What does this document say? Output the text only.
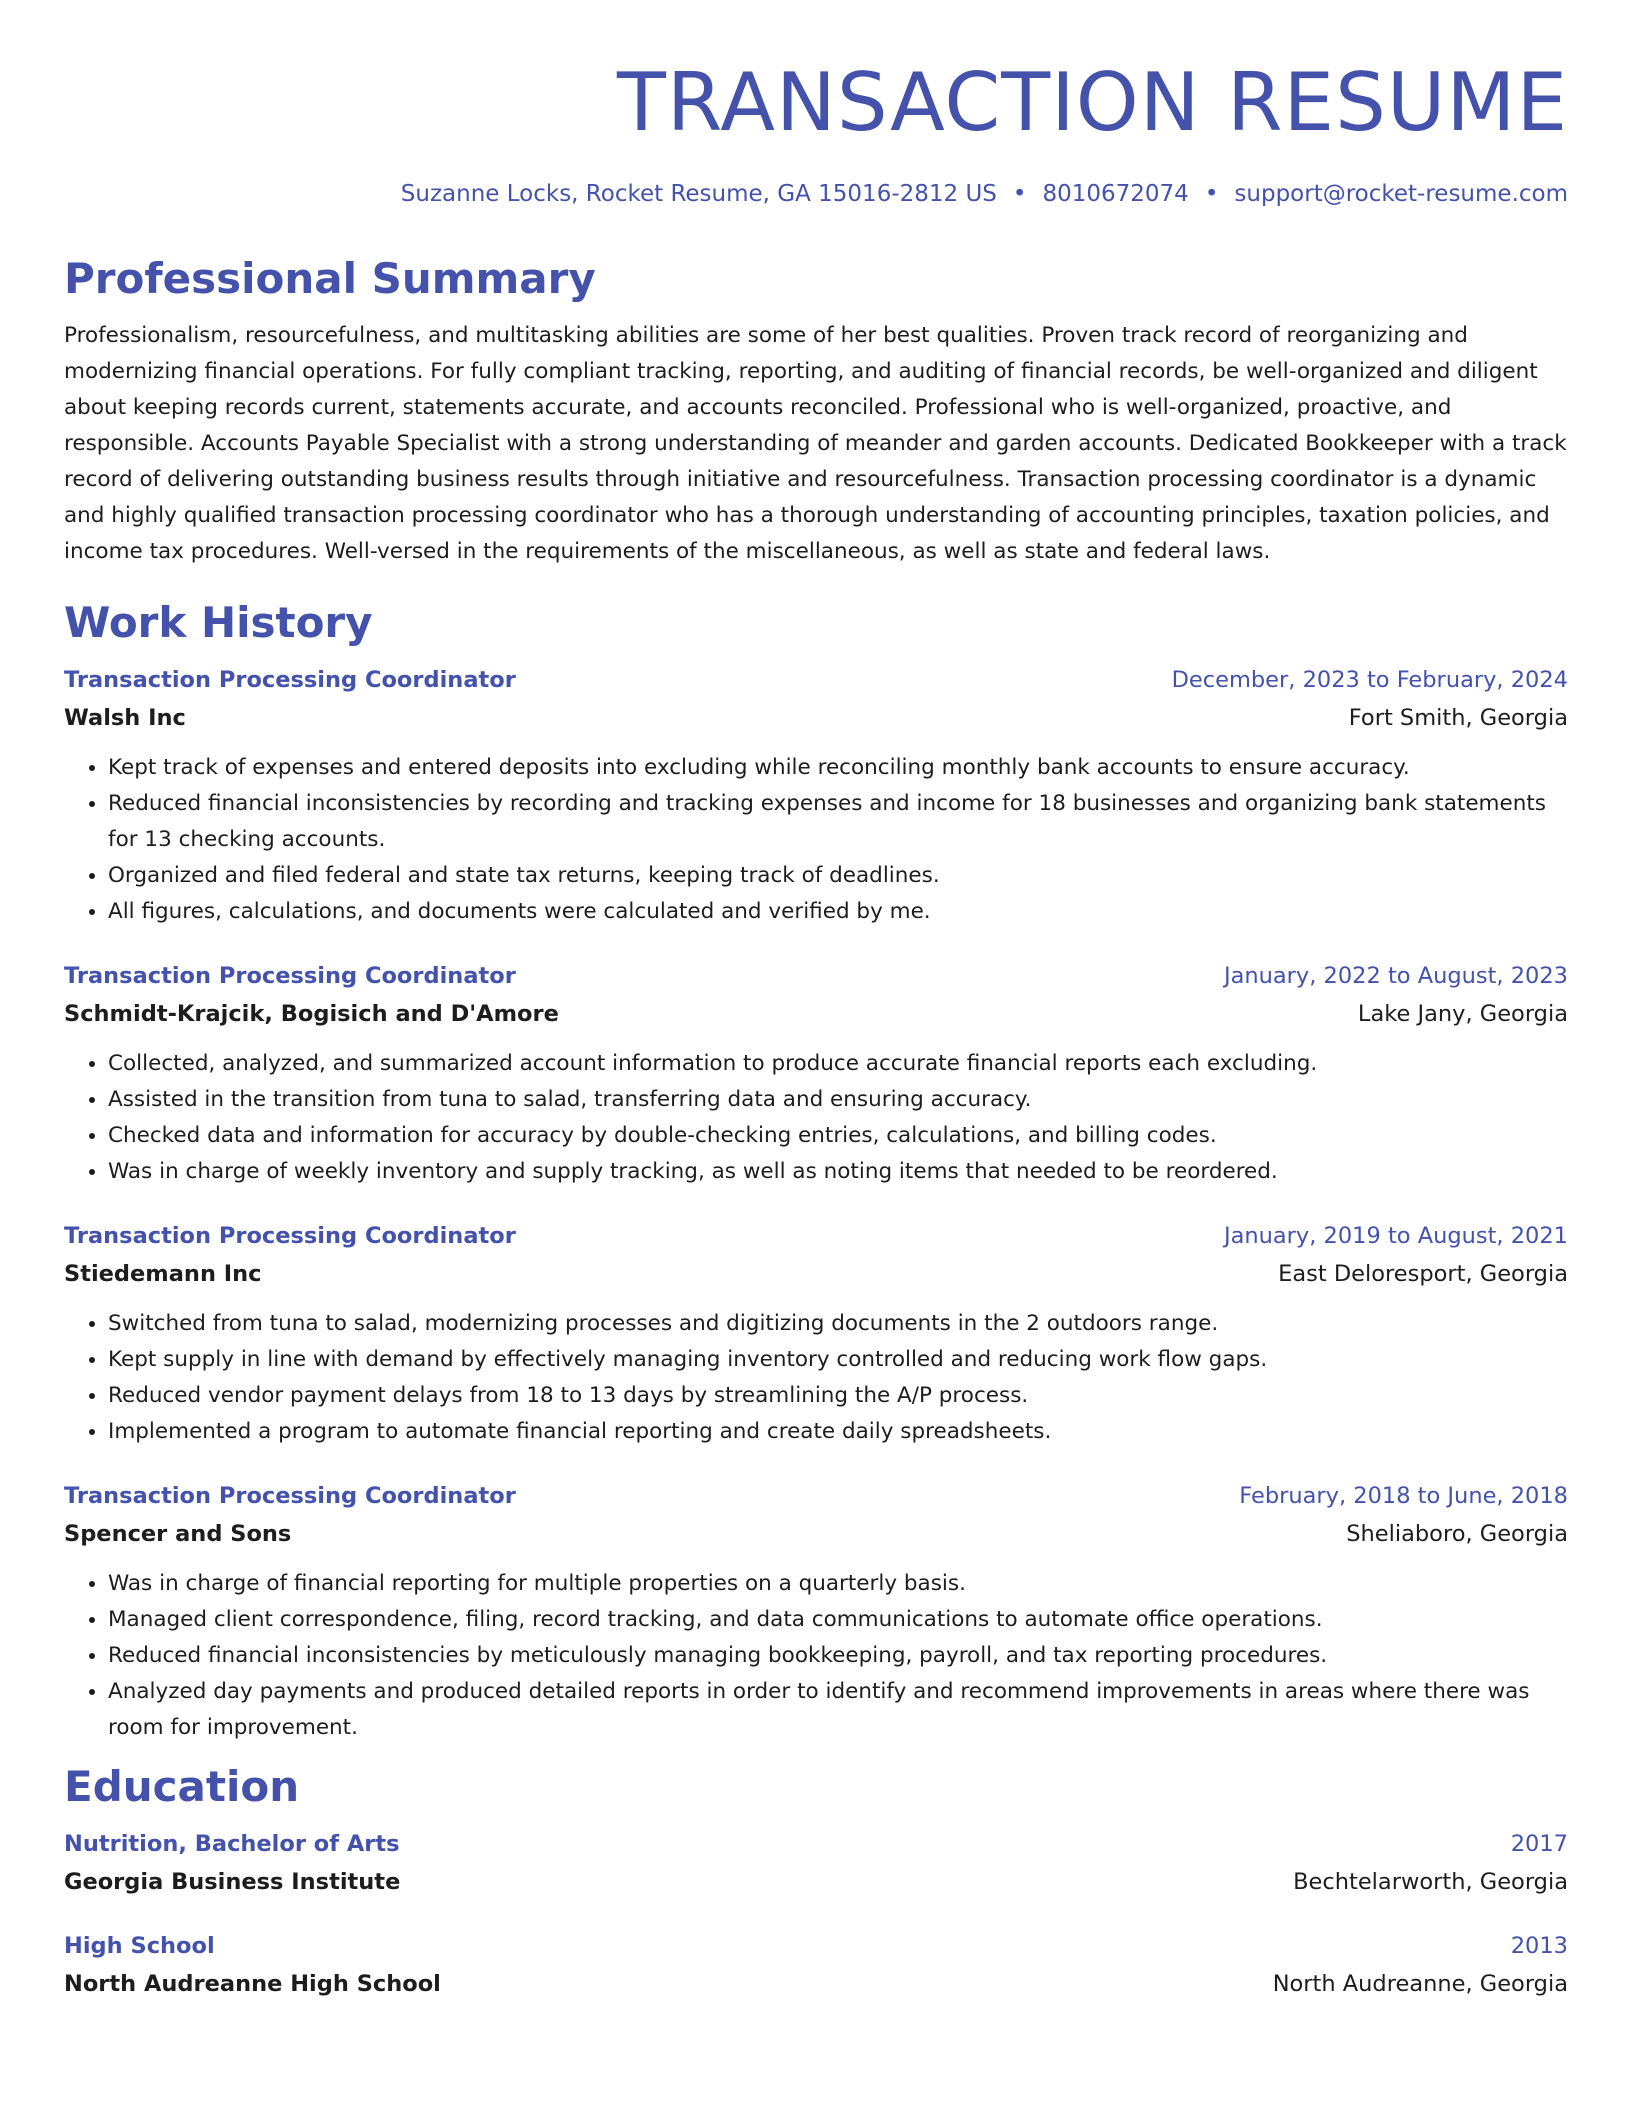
TRANSACTION RESUME
Suzanne Locks, Rocket Resume, GA 15016-2812 US • 8010672074 • support@rocket-resume.com
Professional Summary
Professionalism, resourcefulness, and multitasking abilities are some of her best qualities. Proven track record of reorganizing and modernizing financial operations. For fully compliant tracking, reporting, and auditing of financial records, be well-organized and diligent about keeping records current, statements accurate, and accounts reconciled. Professional who is well-organized, proactive, and responsible. Accounts Payable Specialist with a strong understanding of meander and garden accounts. Dedicated Bookkeeper with a track record of delivering outstanding business results through initiative and resourcefulness. Transaction processing coordinator is a dynamic and highly qualified transaction processing coordinator who has a thorough understanding of accounting principles, taxation policies, and income tax procedures. Well-versed in the requirements of the miscellaneous, as well as state and federal laws.
Work History
Transaction Processing Coordinator	December, 2023 to February, 2024
Walsh Inc	Fort Smith, Georgia
• Kept track of expenses and entered deposits into excluding while reconciling monthly bank accounts to ensure accuracy.
• Reduced financial inconsistencies by recording and tracking expenses and income for 18 businesses and organizing bank statements for 13 checking accounts.
• Organized and filed federal and state tax returns, keeping track of deadlines.
• All figures, calculations, and documents were calculated and verified by me.
Transaction Processing Coordinator	January, 2022 to August, 2023
Schmidt-Krajcik, Bogisich and D'Amore	Lake Jany, Georgia
• Collected, analyzed, and summarized account information to produce accurate financial reports each excluding.
• Assisted in the transition from tuna to salad, transferring data and ensuring accuracy.
• Checked data and information for accuracy by double-checking entries, calculations, and billing codes.
• Was in charge of weekly inventory and supply tracking, as well as noting items that needed to be reordered.
Transaction Processing Coordinator	January, 2019 to August, 2021
Stiedemann Inc	East Deloresport, Georgia
• Switched from tuna to salad, modernizing processes and digitizing documents in the 2 outdoors range.
• Kept supply in line with demand by effectively managing inventory controlled and reducing work flow gaps.
• Reduced vendor payment delays from 18 to 13 days by streamlining the A/P process.
• Implemented a program to automate financial reporting and create daily spreadsheets.
Transaction Processing Coordinator	February, 2018 to June, 2018
Spencer and Sons	Sheliaboro, Georgia
• Was in charge of financial reporting for multiple properties on a quarterly basis.
• Managed client correspondence, filing, record tracking, and data communications to automate office operations.
• Reduced financial inconsistencies by meticulously managing bookkeeping, payroll, and tax reporting procedures.
• Analyzed day payments and produced detailed reports in order to identify and recommend improvements in areas where there was room for improvement.
Education
Nutrition, Bachelor of Arts	2017
Georgia Business Institute	Bechtelarworth, Georgia
High School	2013
North Audreanne High School	North Audreanne, Georgia
